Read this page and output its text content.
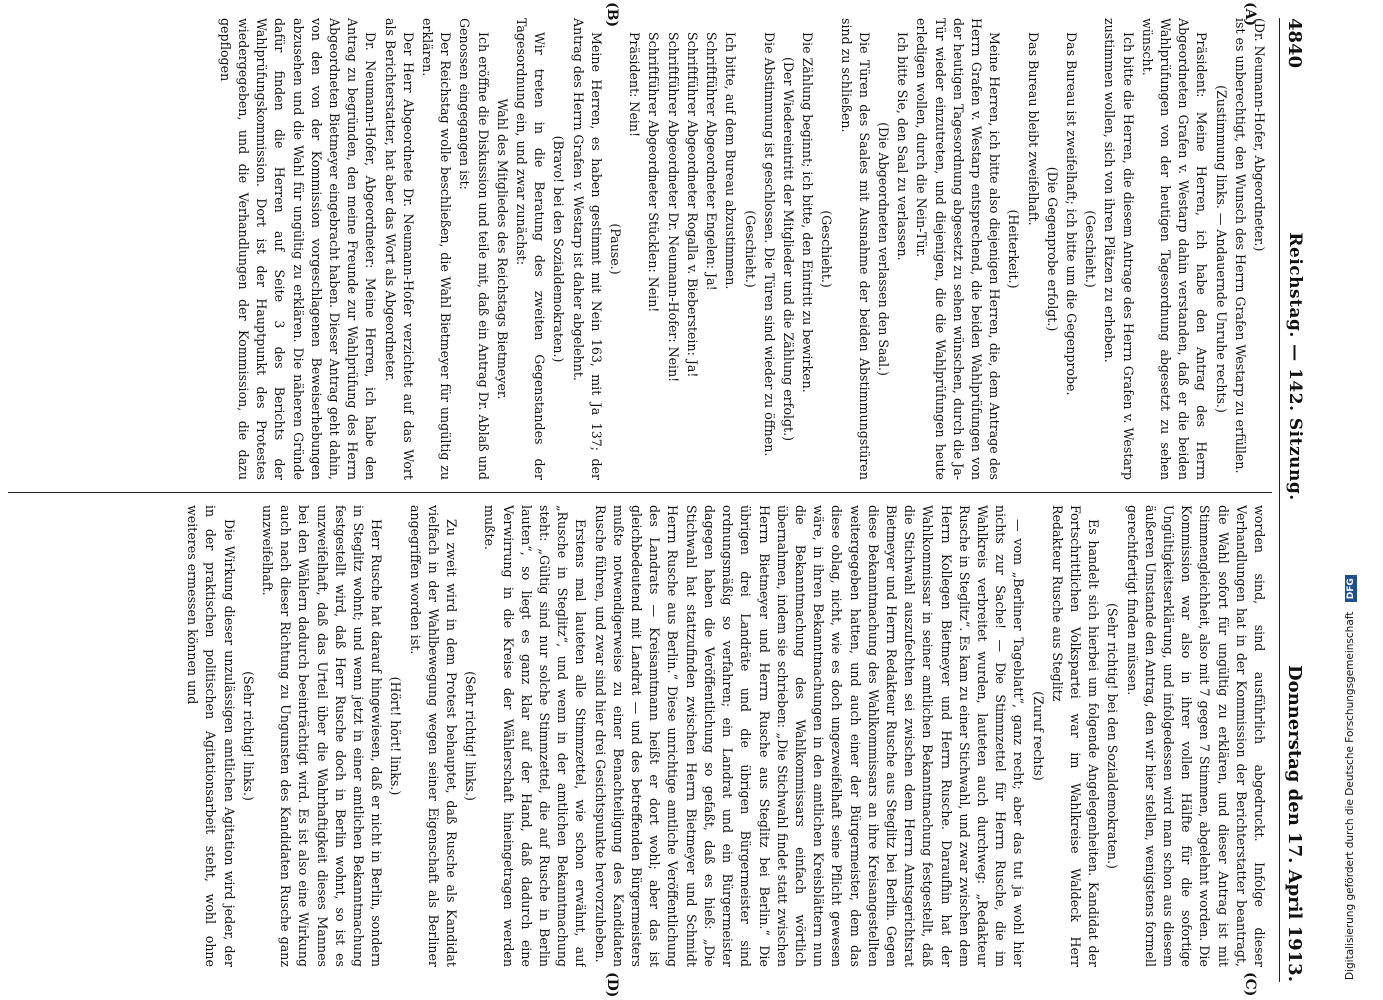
4840
Reichstag. — 142. Sitzung.
Donnerstag den 17. April 1913.
(A)
(B)
(C)
(D)

(Dr. Neumann-Hofer, Abgeordneter.)

ist es unberechtigt, den Wunsch des Herrn Grafen Westarp zu erfüllen.

(Zustimmung links. — Andauernde Unruhe rechts.)

Präsident: Meine Herren, ich habe den Antrag des Herrn Abgeordneten Grafen v. Westarp dahin verstanden, daß er die beiden Wahlprüfungen von der heutigen Tagesordnung abgesetzt zu sehen wünscht.

Ich bitte die Herren, die diesem Antrage des Herrn Grafen v. Westarp zustimmen wollen, sich von ihren Plätzen zu erheben.

(Geschieht.)

Das Bureau ist zweifelhaft; ich bitte um die Gegenprobe.

(Die Gegenprobe erfolgt.)

Das Bureau bleibt zweifelhaft.

(Heiterkeit.)

Meine Herren, ich bitte also diejenigen Herren, die, dem Antrage des Herrn Grafen v. Westarp entsprechend, die beiden Wahlprüfungen von der heutigen Tagesordnung abgesetzt zu sehen wünschen, durch die Ja-Tür wieder einzutreten, und diejenigen, die die Wahlprüfungen heute erledigen wollen, durch die Nein-Tür.

Ich bitte Sie, den Saal zu verlassen.

(Die Abgeordneten verlassen den Saal.)

Die Türen des Saales mit Ausnahme der beiden Abstimmungstüren sind zu schließen.

(Geschieht.)

Die Zählung beginnt; ich bitte, den Eintritt zu bewirken.

(Der Wiedereintritt der Mitglieder und die Zählung erfolgt.)

Die Abstimmung ist geschlossen. Die Türen sind wieder zu öffnen.

(Geschieht.)

Ich bitte, auf dem Bureau abzustimmen.

Schriftführer Abgeordneter Engelen: Ja!

Schriftführer Abgeordneter Rogalla v. Bieberstein: Ja!

Schriftführer Abgeordneter Dr. Neumann-Hofer: Nein!

Schriftführer Abgeordneter Stücklen: Nein!

Präsident: Nein!

(Pause.)

Meine Herren, es haben gestimmt mit Nein 163, mit Ja 137; der Antrag des Herrn Grafen v. Westarp ist daher abgelehnt.

(Bravo! bei den Sozialdemokraten.)

Wir treten in die Beratung des zweiten Gegenstandes der Tagesordnung ein, und zwar zunächst:

Wahl des Mitgliedes des Reichstags Bietmeyer.

Ich eröffne die Diskussion und teile mit, daß ein Antrag Dr. Ablaß und Genossen eingegangen ist:

Der Reichstag wolle beschließen, die Wahl Bietmeyer für ungültig zu erklären.

Der Herr Abgeordnete Dr. Neumann-Hofer verzichtet auf das Wort als Berichterstatter, hat aber das Wort als Abgeordneter.

Dr. Neumann-Hofer, Abgeordneter: Meine Herren, ich habe den Antrag zu begründen, den meine Freunde zur Wahlprüfung des Herrn Abgeordneten Bietmeyer eingebracht haben. Dieser Antrag geht dahin, von den von der Kommission vorgeschlagenen Beweiserhebungen abzusehen und die Wahl für ungültig zu erklären. Die näheren Gründe dafür finden die Herren auf Seite 3 des Berichts der Wahlprüfungskommission. Dort ist der Hauptpunkt des Protestes wiedergegeben, und die Verhandlungen der Kommission, die dazu gepflogen

worden sind, sind ausführlich abgedruckt. Infolge dieser Verhandlungen hat in der Kommission der Berichterstatter beantragt, die Wahl sofort für ungültig zu erklären, und dieser Antrag ist mit Stimmengleichheit, also mit 7 gegen 7 Stimmen, abgelehnt worden. Die Kommission war also in ihrer vollen Hälfte für die sofortige Ungültigkeitserklärung, und infolgedessen wird man schon aus diesem äußeren Umstande den Antrag, den wir hier stellen, wenigstens formell gerechtfertigt finden müssen.

(Sehr richtig! bei den Sozialdemokraten.)

Es handelt sich hierbei um folgende Angelegenheiten. Kandidat der Fortschrittlichen Volkspartei war im Wahlkreise Waldeck Herr Redakteur Rusche aus Steglitz

(Zuruf rechts)

— vom „Berliner Tageblatt“, ganz recht; aber das tut ja wohl hier nichts zur Sache! — Die Stimmzettel für Herrn Rusche, die im Wahlkreis verbreitet wurden, lauteten auch durchweg: „Redakteur Rusche in Steglitz“. Es kam zu einer Stichwahl, und zwar zwischen dem Herrn Kollegen Bietmeyer und Herrn Rusche. Daraufhin hat der Wahlkommissar in seiner amtlichen Bekanntmachung festgestellt, daß die Stichwahl auszufechten sei zwischen dem Herrn Amtsgerichtsrat Bietmeyer und Herrn Redakteur Rusche aus Steglitz bei Berlin. Gegen diese Bekanntmachung des Wahlkommissars an ihre Kreisangestellten weitergegeben hatten, und auch einer der Bürgermeister, dem das diese oblag, nicht, wie es doch ungezweifelhaft seine Pflicht gewesen wäre, in ihren Bekanntmachungen in den amtlichen Kreisblättern nun die Bekanntmachung des Wahlkommissars einfach wörtlich übernahmen, indem sie schrieben: „Die Stichwahl findet statt zwischen Herrn Bietmeyer und Herrn Rusche aus Steglitz bei Berlin.“ Die übrigen drei Landräte und die übrigen Bürgermeister sind ordnungsmäßig so verfahren; ein Landrat und ein Bürgermeister dagegen haben die Veröffentlichung so gefaßt, daß es hieß: „Die Stichwahl hat stattzufinden zwischen Herrn Bietmeyer und Schmidt Herrn Rusche aus Berlin.“ Diese unrichtige amtliche Veröffentlichung des Landrats — Kreisamtmann heißt er dort wohl; aber das ist gleichbedeutend mit Landrat — und des betreffenden Bürgermeisters mußte notwendigerweise zu einer Benachteiligung des Kandidaten Rusche führen, und zwar sind hier drei Gesichtspunkte hervorzuheben.

Erstens mal lauteten alle Stimmzettel, wie schon erwähnt, auf „Rusche in Steglitz“, und wenn in der amtlichen Bekanntmachung steht: „Gültig sind nur solche Stimmzettel, die auf Rusche in Berlin lauten“, so liegt es ganz klar auf der Hand, daß dadurch eine Verwirrung in die Kreise der Wählerschaft hineingetragen werden mußte.

(Sehr richtig! links.)

Zu zweit wird in dem Protest behauptet, daß Rusche als Kandidat vielfach in der Wahlbewegung wegen seiner Eigenschaft als Berliner angegriffen worden ist.

(Hört! hört! links.)

Herr Rusche hat darauf hingewiesen, daß er nicht in Berlin, sondern in Steglitz wohnt; und wenn jetzt in einer amtlichen Bekanntmachung festgestellt wird, daß Herr Rusche doch in Berlin wohnt, so ist es unzweifelhaft, daß das Urteil über die Wahrhaftigkeit dieses Mannes bei den Wählern dadurch beeinträchtigt wird. Es ist also eine Wirkung auch nach dieser Richtung zu Ungunsten des Kandidaten Rusche ganz unzweifelhaft.

(Sehr richtig! links.)

Die Wirkung dieser unzulässigen amtlichen Agitation wird jeder, der in der praktischen politischen Agitationsarbeit steht, wohl ohne weiteres ermessen können und

Digitalisierung gefördert durch die Deutsche Forschungsgemeinschaft DFG
